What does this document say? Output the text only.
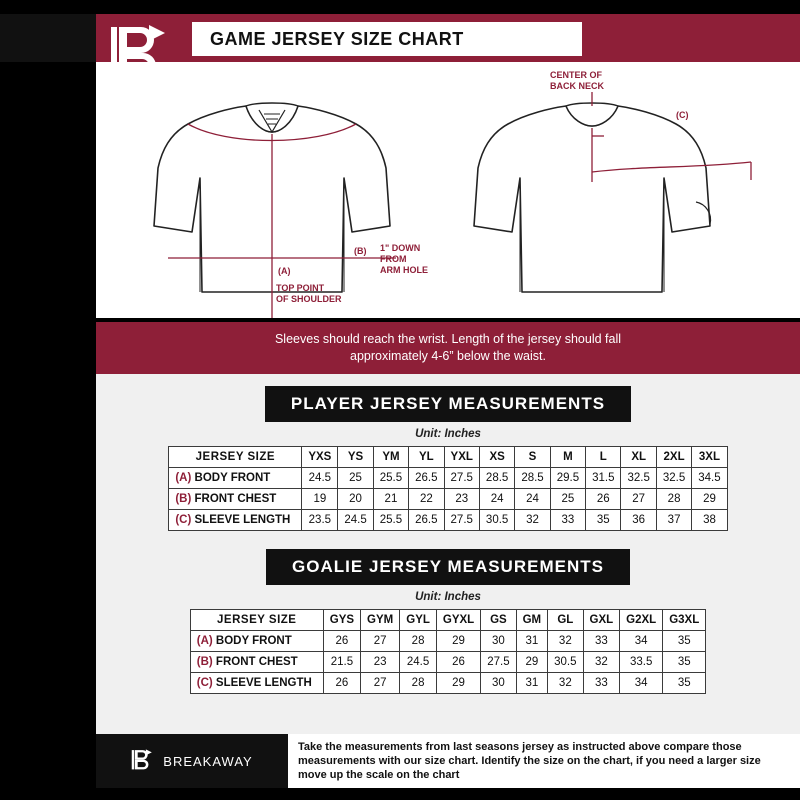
GAME JERSEY SIZE CHART
(A)
(B) 1" DOWN
FROM
ARM HOLE
TOP POINT
OF SHOULDER
CENTER OF
BACK NECK
(C)
Sleeves should reach the wrist. Length of the jersey should fall
approximately 4-6” below the waist.
PLAYER JERSEY MEASUREMENTS
Unit: Inches
JERSEY SIZE	YXS	YS	YM	YL	YXL	XS	S	M	L	XL	2XL	3XL
(A) BODY FRONT	24.5	25	25.5	26.5	27.5	28.5	28.5	29.5	31.5	32.5	32.5	34.5
(B) FRONT CHEST	19	20	21	22	23	24	24	25	26	27	28	29
(C) SLEEVE LENGTH	23.5	24.5	25.5	26.5	27.5	30.5	32	33	35	36	37	38
GOALIE JERSEY MEASUREMENTS
Unit: Inches
JERSEY SIZE	GYS	GYM	GYL	GYXL	GS	GM	GL	GXL	G2XL	G3XL
(A) BODY FRONT	26	27	28	29	30	31	32	33	34	35
(B) FRONT CHEST	21.5	23	24.5	26	27.5	29	30.5	32	33.5	35
(C) SLEEVE LENGTH	26	27	28	29	30	31	32	33	34	35
BREAKAWAY
Take the measurements from last seasons jersey as instructed above compare those measurements with our size chart. Identify the size on the chart, if you need a larger size move up the scale on the chart
